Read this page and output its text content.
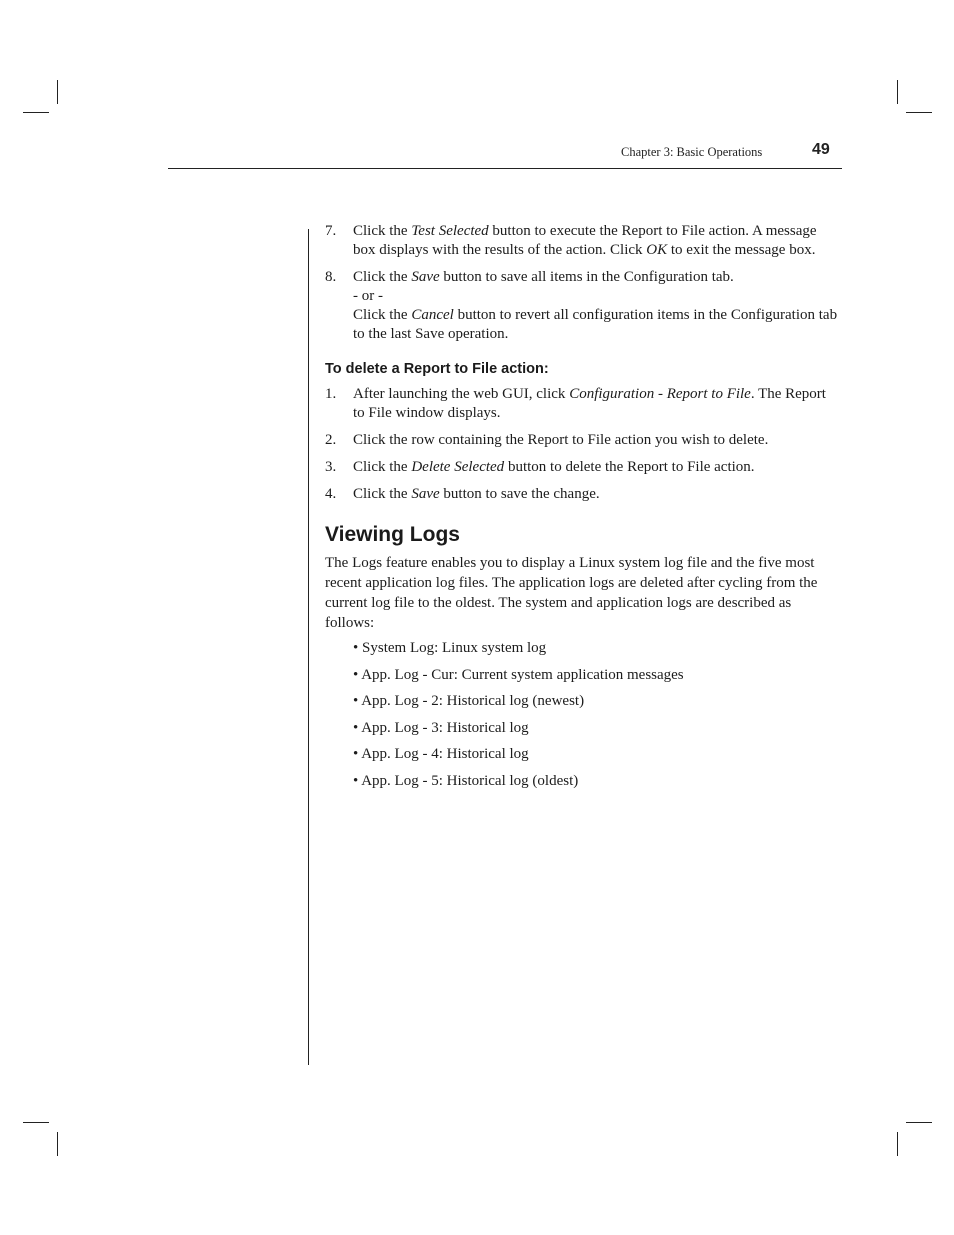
Chapter 3: Basic Operations	49
7. Click the Test Selected button to execute the Report to File action. A message box displays with the results of the action. Click OK to exit the message box.
8. Click the Save button to save all items in the Configuration tab.
- or -
Click the Cancel button to revert all configuration items in the Configuration tab to the last Save operation.
To delete a Report to File action:
1. After launching the web GUI, click Configuration - Report to File. The Report to File window displays.
2. Click the row containing the Report to File action you wish to delete.
3. Click the Delete Selected button to delete the Report to File action.
4. Click the Save button to save the change.
Viewing Logs

The Logs feature enables you to display a Linux system log file and the five most recent application log files. The application logs are deleted after cycling from the current log file to the oldest. The system and application logs are described as follows:

• System Log: Linux system log
• App. Log - Cur: Current system application messages
• App. Log - 2: Historical log (newest)
• App. Log - 3: Historical log
• App. Log - 4: Historical log
• App. Log - 5: Historical log (oldest)
